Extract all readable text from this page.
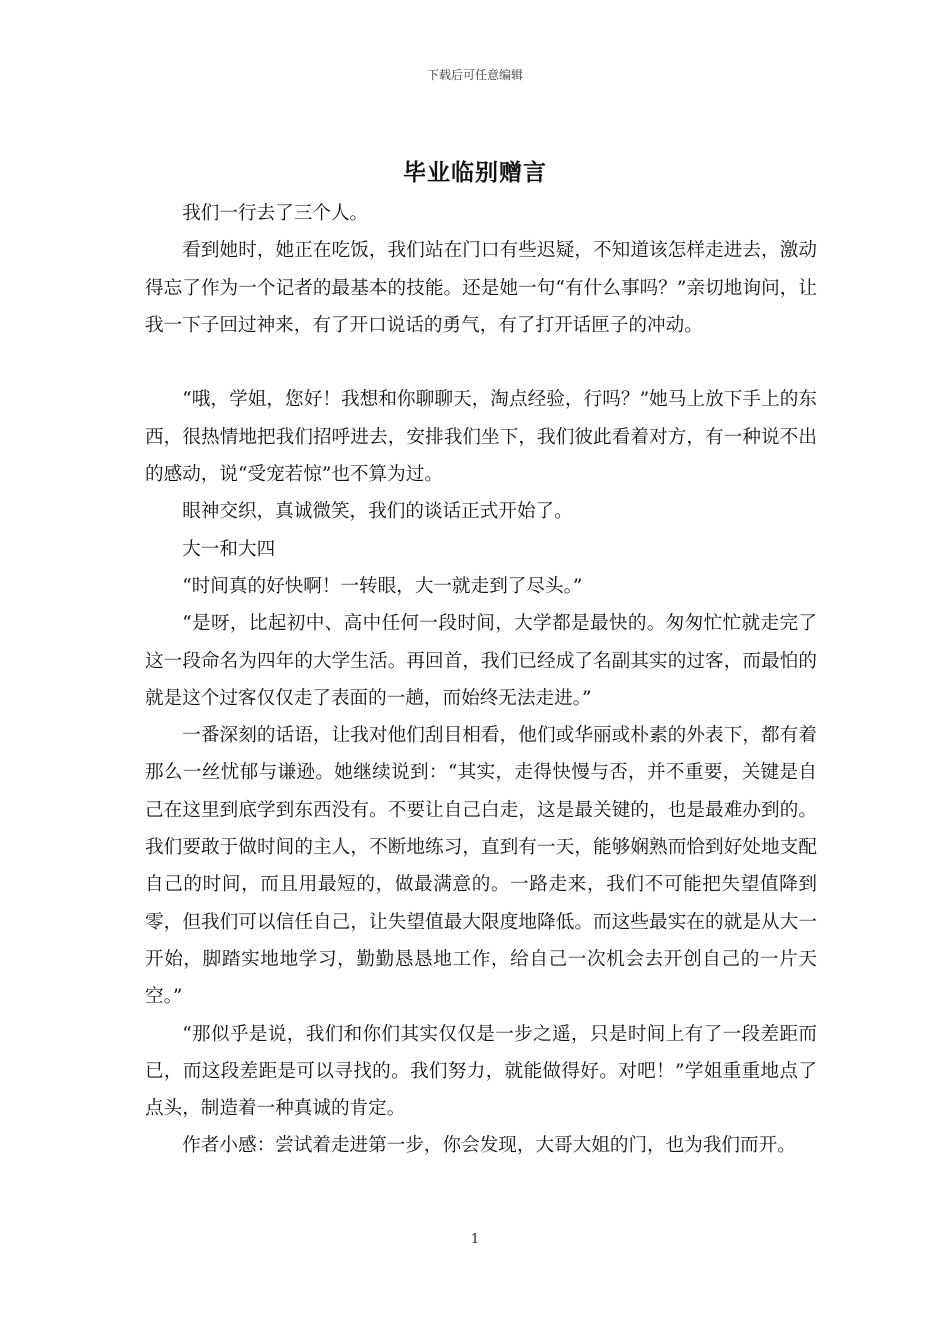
下载后可任意编辑
毕业临别赠言

我们一行去了三个人。

看到她时，她正在吃饭，我们站在门口有些迟疑，不知道该怎样走进去，激动得忘了作为一个记者的最基本的技能。还是她一句“有什么事吗？”亲切地询问，让我一下子回过神来，有了开口说话的勇气，有了打开话匣子的冲动。

“哦，学姐，您好！我想和你聊聊天，淘点经验，行吗？”她马上放下手上的东西，很热情地把我们招呼进去，安排我们坐下，我们彼此看着对方，有一种说不出的感动，说“受宠若惊”也不算为过。

眼神交织，真诚微笑，我们的谈话正式开始了。

大一和大四

“时间真的好快啊！一转眼，大一就走到了尽头。”

“是呀，比起初中、高中任何一段时间，大学都是最快的。匆匆忙忙就走完了这一段命名为四年的大学生活。再回首，我们已经成了名副其实的过客，而最怕的就是这个过客仅仅走了表面的一趟，而始终无法走进。”

一番深刻的话语，让我对他们刮目相看，他们或华丽或朴素的外表下，都有着那么一丝忧郁与谦逊。她继续说到：“其实，走得快慢与否，并不重要，关键是自己在这里到底学到东西没有。不要让自己白走，这是最关键的，也是最难办到的。我们要敢于做时间的主人，不断地练习，直到有一天，能够娴熟而恰到好处地支配自己的时间，而且用最短的，做最满意的。一路走来，我们不可能把失望值降到零，但我们可以信任自己，让失望值最大限度地降低。而这些最实在的就是从大一开始，脚踏实地地学习，勤勤恳恳地工作，给自己一次机会去开创自己的一片天空。”

“那似乎是说，我们和你们其实仅仅是一步之遥，只是时间上有了一段差距而已，而这段差距是可以寻找的。我们努力，就能做得好。对吧！”学姐重重地点了点头，制造着一种真诚的肯定。

作者小感：尝试着走进第一步，你会发现，大哥大姐的门，也为我们而开。

1
